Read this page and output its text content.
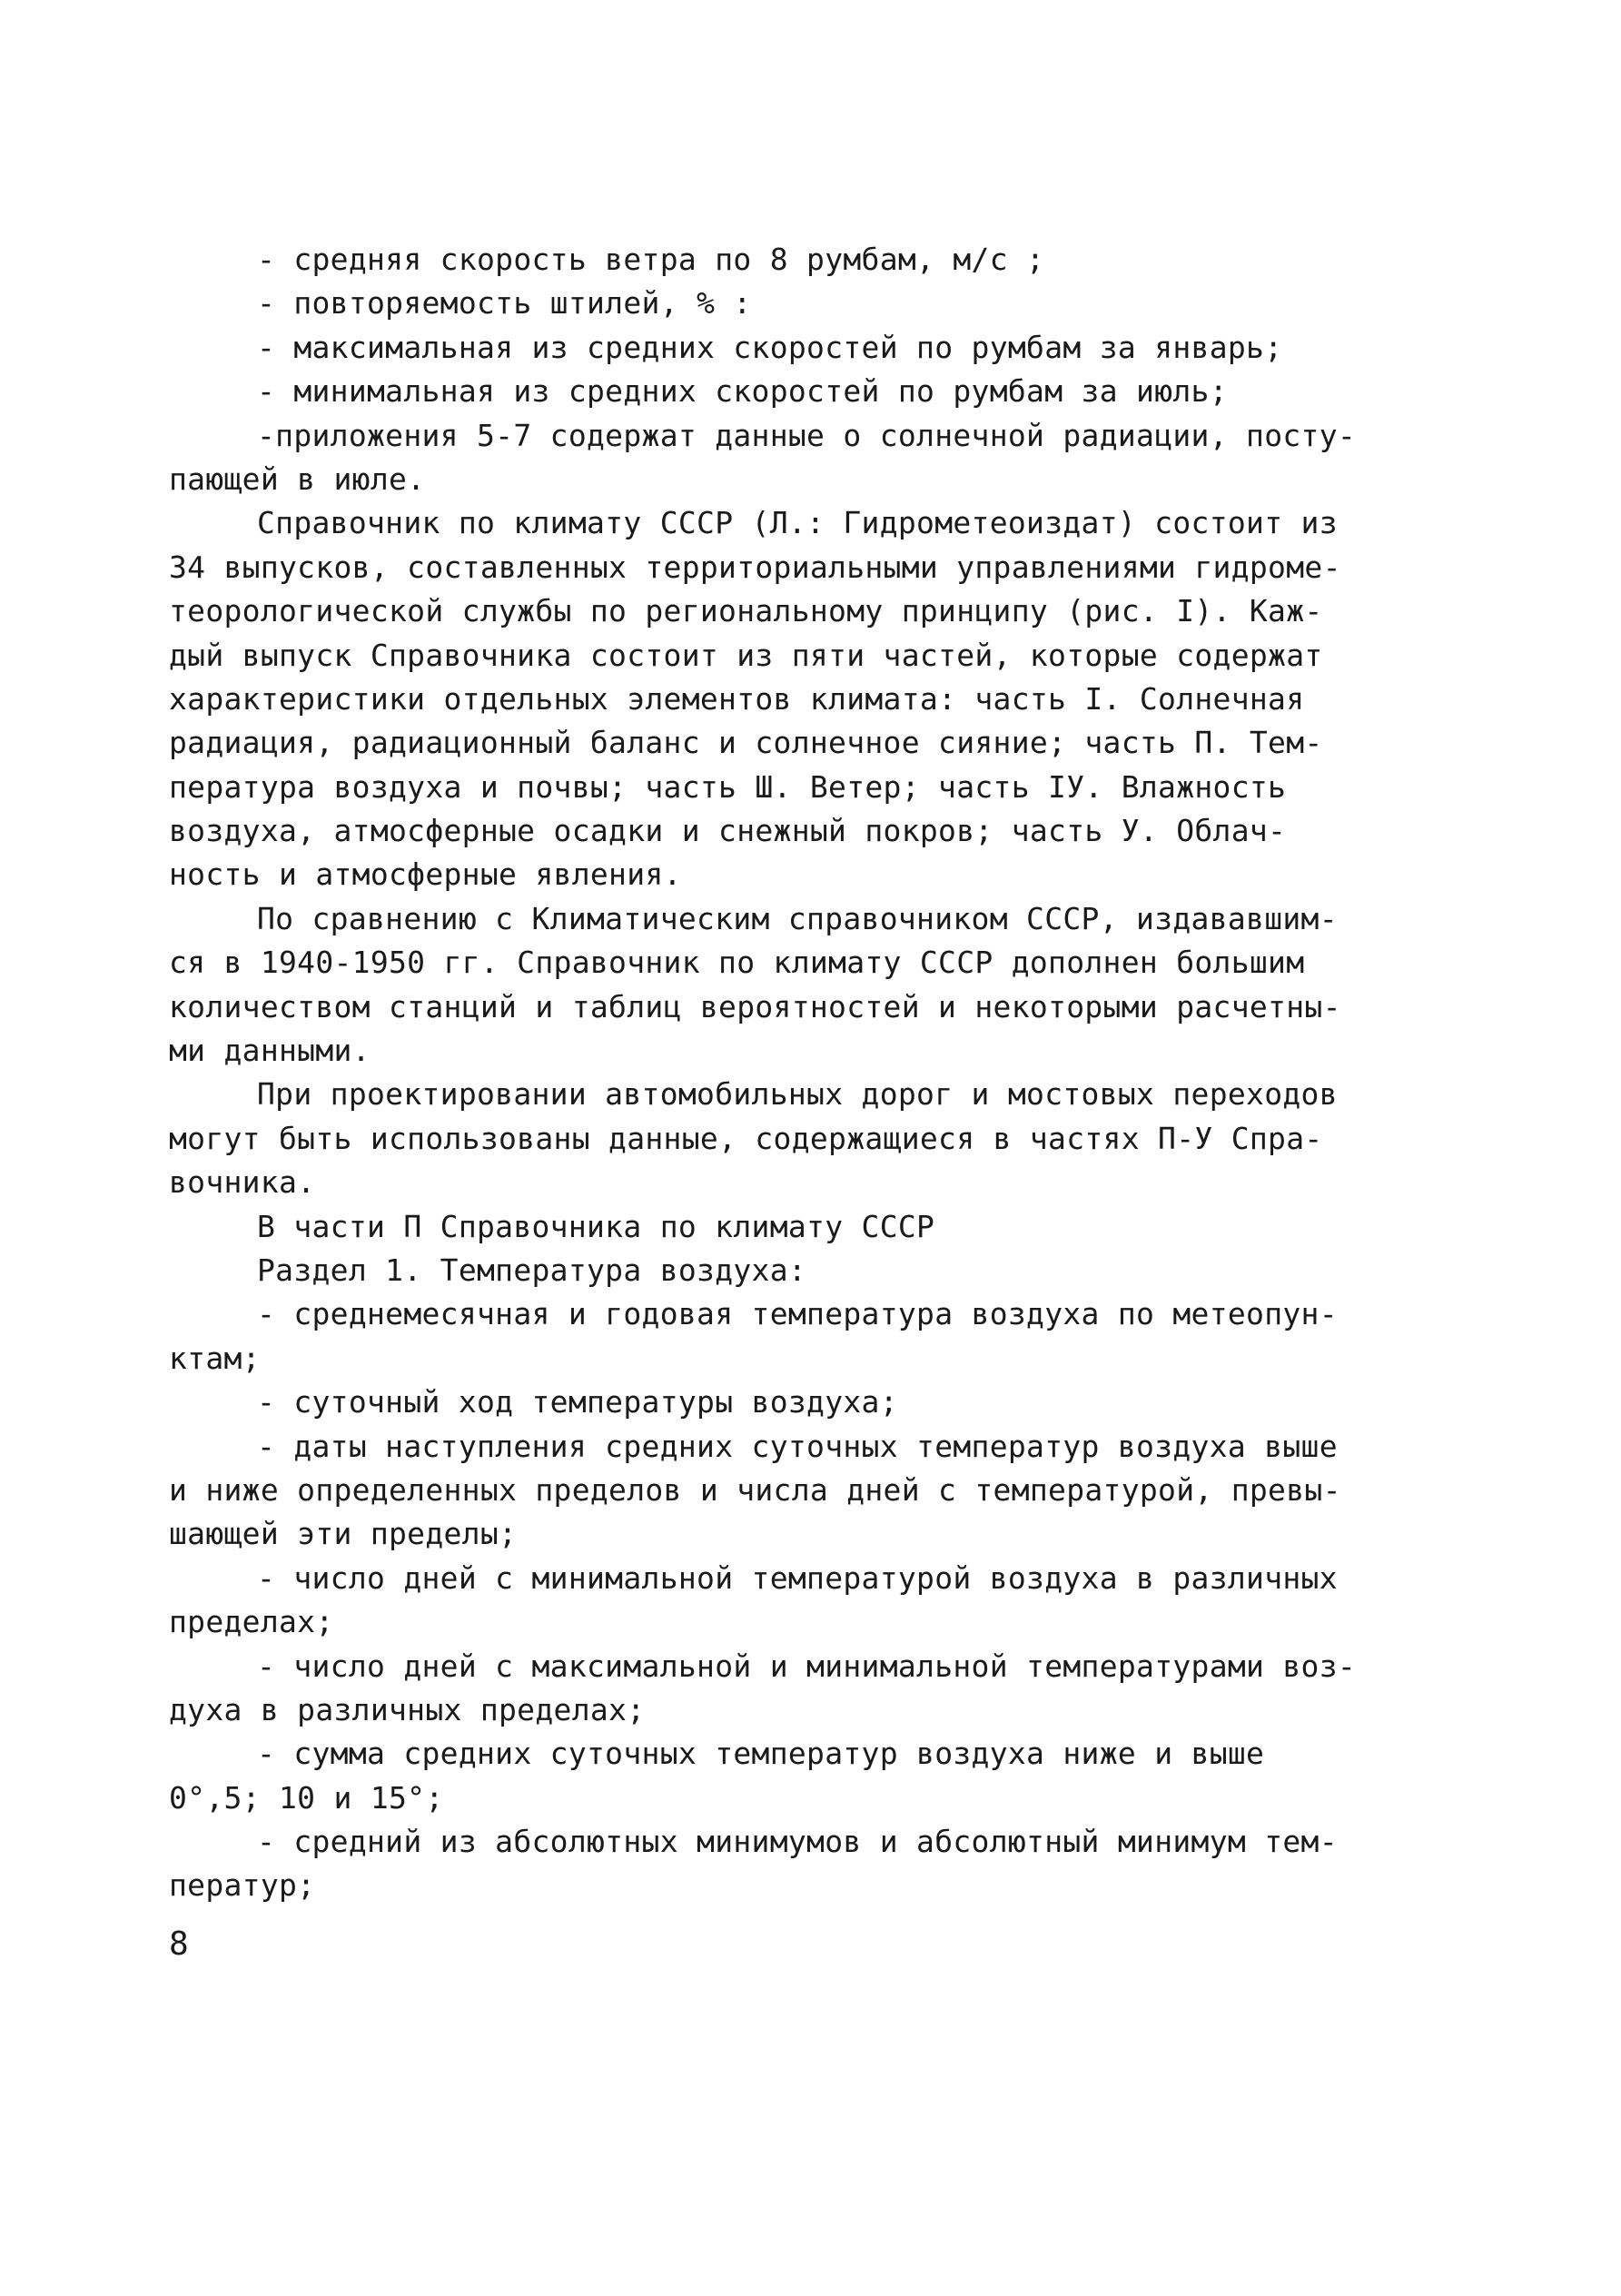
- средняя скорость ветра по 8 румбам, м/с ;
- повторяемость штилей, % :
- максимальная из средних скоростей по румбам за январь;
- минимальная из средних скоростей по румбам за июль;
-приложения 5-7 содержат данные о солнечной радиации, посту-
пающей в июле.
Справочник по климату СССР (Л.: Гидрометеоиздат) состоит из
34 выпусков, составленных территориальными управлениями гидроме-
теорологической службы по региональному принципу (рис. I). Каж-
дый выпуск Справочника состоит из пяти частей, которые содержат
характеристики отдельных элементов климата: часть I. Солнечная
радиация, радиационный баланс и солнечное сияние; часть П. Тем-
пература воздуха и почвы; часть Ш. Ветер; часть IУ. Влажность
воздуха, атмосферные осадки и снежный покров; часть У. Облач-
ность и атмосферные явления.
По сравнению с Климатическим справочником СССР, издававшим-
ся в 1940-1950 гг. Справочник по климату СССР дополнен большим
количеством станций и таблиц вероятностей и некоторыми расчетны-
ми данными.
При проектировании автомобильных дорог и мостовых переходов
могут быть использованы данные, содержащиеся в частях П-У Спра-
вочника.
В части П Справочника по климату СССР
Раздел 1. Температура воздуха:
- среднемесячная и годовая температура воздуха по метеопун-
ктам;
- суточный ход температуры воздуха;
- даты наступления средних суточных температур воздуха выше
и ниже определенных пределов и числа дней с температурой, превы-
шающей эти пределы;
- число дней с минимальной температурой воздуха в различных
пределах;
- число дней с максимальной и минимальной температурами воз-
духа в различных пределах;
- сумма средних суточных температур воздуха ниже и выше
0°,5; 10 и 15°;
- средний из абсолютных минимумов и абсолютный минимум тем-
ператур;
8
